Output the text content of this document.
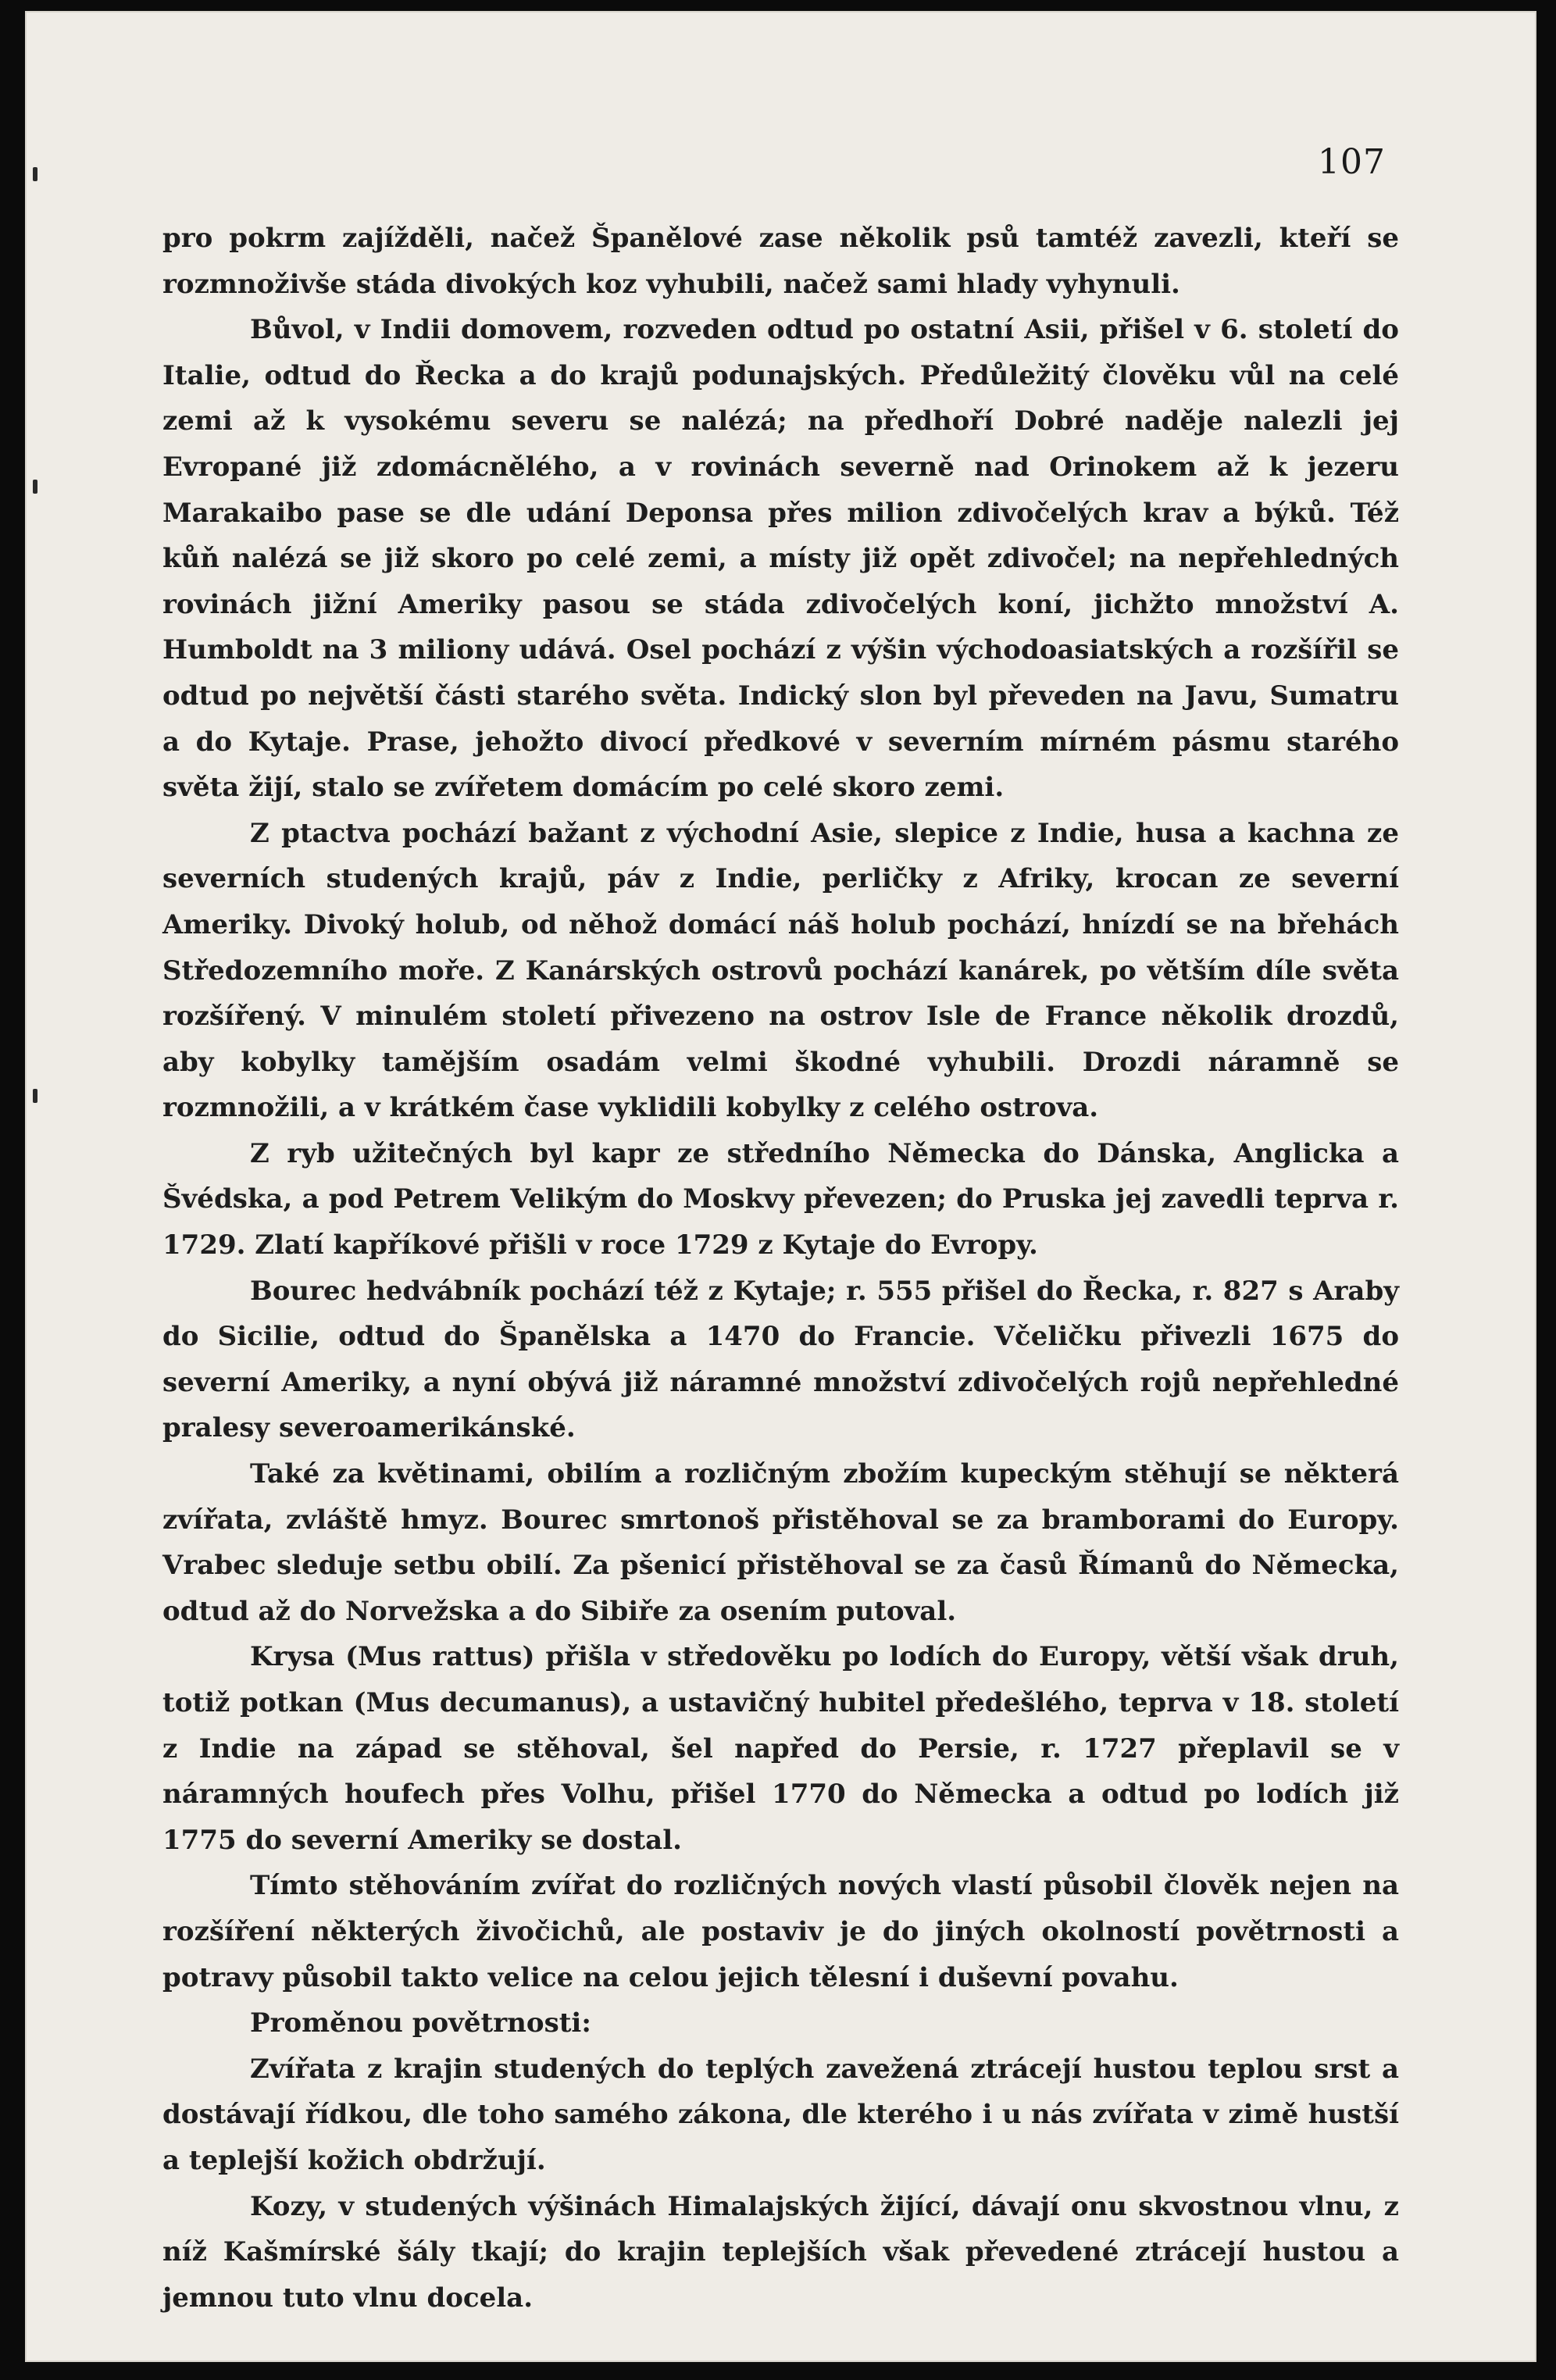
107

pro pokrm zajížděli, načež Španělové zase několik psů tamtéž zavezli, kteří se rozmnoživše stáda divokých koz vyhubili, načež sami hlady vyhynuli.

Bůvol, v Indii domovem, rozveden odtud po ostatní Asii, přišel v 6. století do Italie, odtud do Řecka a do krajů podunajských. Předůležitý člověku vůl na celé zemi až k vysokému severu se nalézá; na předhoří Dobré naděje nalezli jej Evropané již zdomácnělého, a v rovinách severně nad Orinokem až k jezeru Marakaibo pase se dle udání Deponsa přes milion zdivočelých krav a býků. Též kůň nalézá se již skoro po celé zemi, a místy již opět zdivočel; na nepřehledných rovinách jižní Ameriky pasou se stáda zdivočelých koní, jichžto množství A. Humboldt na 3 miliony udává. Osel pochází z výšin východoasiatských a rozšířil se odtud po největší části starého světa. Indický slon byl převeden na Javu, Sumatru a do Kytaje. Prase, jehožto divocí předkové v severním mírném pásmu starého světa žijí, stalo se zvířetem domácím po celé skoro zemi.

Z ptactva pochází bažant z východní Asie, slepice z Indie, husa a kachna ze severních studených krajů, páv z Indie, perličky z Afriky, krocan ze severní Ameriky. Divoký holub, od něhož domácí náš holub pochází, hnízdí se na břehách Středozemního moře. Z Kanárských ostrovů pochází kanárek, po větším díle světa rozšířený. V minulém století přivezeno na ostrov Isle de France několik drozdů, aby kobylky tamějším osadám velmi škodné vyhubili. Drozdi náramně se rozmnožili, a v krátkém čase vyklidili kobylky z celého ostrova.

Z ryb užitečných byl kapr ze středního Německa do Dánska, Anglicka a Švédska, a pod Petrem Velikým do Moskvy převezen; do Pruska jej zavedli teprva r. 1729. Zlatí kapříkové přišli v roce 1729 z Kytaje do Evropy.

Bourec hedvábník pochází též z Kytaje; r. 555 přišel do Řecka, r. 827 s Araby do Sicilie, odtud do Španělska a 1470 do Francie. Včeličku přivezli 1675 do severní Ameriky, a nyní obývá již náramné množství zdivočelých rojů nepřehledné pralesy severoamerikánské.

Také za květinami, obilím a rozličným zbožím kupeckým stěhují se některá zvířata, zvláště hmyz. Bourec smrtonoš přistěhoval se za bramborami do Europy. Vrabec sleduje setbu obilí. Za pšenicí přistěhoval se za časů Římanů do Německa, odtud až do Norvežska a do Sibiře za osením putoval.

Krysa (Mus rattus) přišla v středověku po lodích do Europy, větší však druh, totiž potkan (Mus decumanus), a ustavičný hubitel předešlého, teprva v 18. století z Indie na západ se stěhoval, šel napřed do Persie, r. 1727 přeplavil se v náramných houfech přes Volhu, přišel 1770 do Německa a odtud po lodích již 1775 do severní Ameriky se dostal.

Tímto stěhováním zvířat do rozličných nových vlastí působil člověk nejen na rozšíření některých živočichů, ale postaviv je do jiných okolností povětrnosti a potravy působil takto velice na celou jejich tělesní i duševní povahu.

Proměnou povětrnosti:

Zvířata z krajin studených do teplých zavežená ztrácejí hustou teplou srst a dostávají řídkou, dle toho samého zákona, dle kterého i u nás zvířata v zimě hustší a teplejší kožich obdržují.

Kozy, v studených výšinách Himalajských žijící, dávají onu skvostnou vlnu, z níž Kašmírské šály tkají; do krajin teplejších však převedené ztrácejí hustou a jemnou tuto vlnu docela.
